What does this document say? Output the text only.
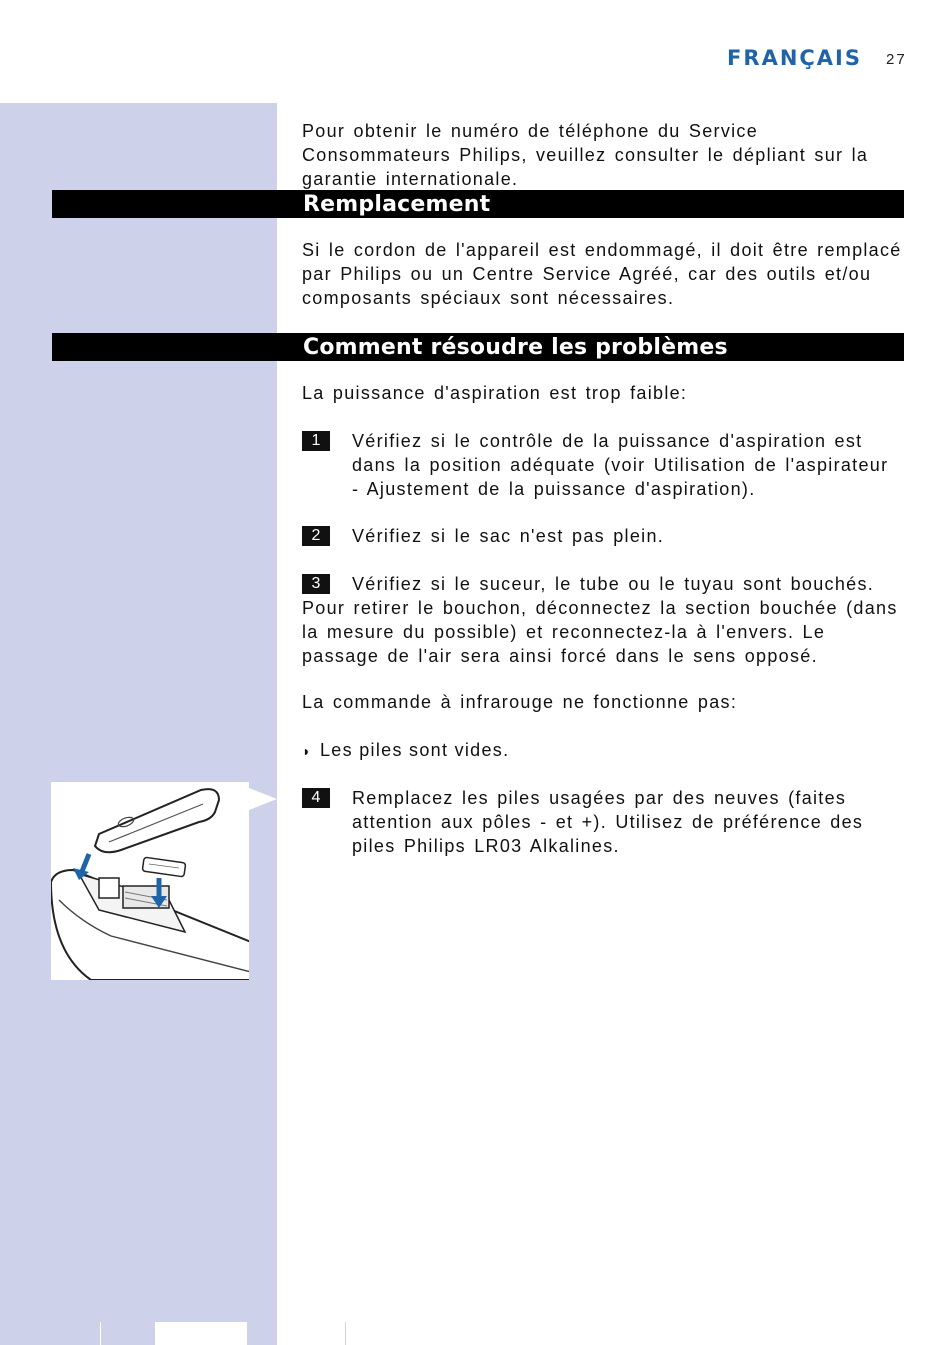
FRANÇAIS 27

Pour obtenir le numéro de téléphone du Service Consommateurs Philips, veuillez consulter le dépliant sur la garantie internationale.

Remplacement

Si le cordon de l'appareil est endommagé, il doit être remplacé par Philips ou un Centre Service Agréé, car des outils et/ou composants spéciaux sont nécessaires.

Comment résoudre les problèmes

La puissance d'aspiration est trop faible:

1	Vérifiez si le contrôle de la puissance d'aspiration est dans la position adéquate (voir Utilisation de l'aspirateur - Ajustement de la puissance d'aspiration).
2	Vérifiez si le sac n'est pas plein.
3	Vérifiez si le suceur, le tube ou le tuyau sont bouchés.

Pour retirer le bouchon, déconnectez la section bouchée (dans la mesure du possible) et reconnectez-la à l'envers. Le passage de l'air sera ainsi forcé dans le sens opposé.

La commande à infrarouge ne fonctionne pas:

◗ Les piles sont vides.
4	Remplacez les piles usagées par des neuves (faites attention aux pôles - et +). Utilisez de préférence des piles Philips LR03 Alkalines.
